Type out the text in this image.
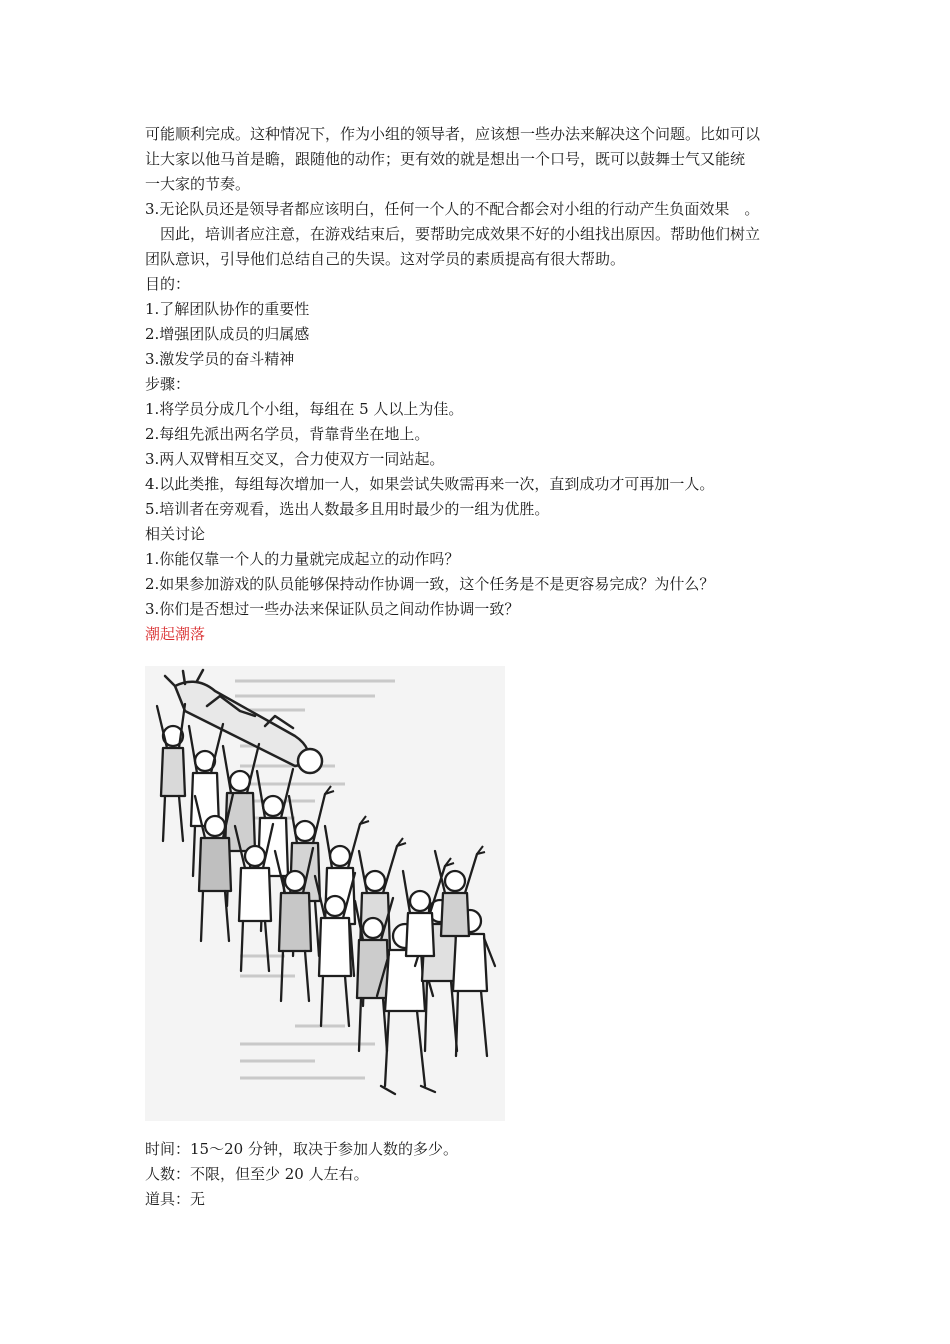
可能顺利完成。这种情况下，作为小组的领导者，应该想一些办法来解决这个问题。比如可以
让大家以他马首是瞻，跟随他的动作；更有效的就是想出一个口号，既可以鼓舞士气又能统
一大家的节奏。
3.无论队员还是领导者都应该明白，任何一个人的不配合都会对小组的行动产生负面效果　。
因此，培训者应注意，在游戏结束后，要帮助完成效果不好的小组找出原因。帮助他们树立
团队意识，引导他们总结自己的失误。这对学员的素质提高有很大帮助。
目的：
1.了解团队协作的重要性
2.增强团队成员的归属感
3.激发学员的奋斗精神
步骤：
1.将学员分成几个小组，每组在 5 人以上为佳。
2.每组先派出两名学员，背靠背坐在地上。
3.两人双臂相互交叉，合力使双方一同站起。
4.以此类推，每组每次增加一人，如果尝试失败需再来一次，直到成功才可再加一人。
5.培训者在旁观看，选出人数最多且用时最少的一组为优胜。
相关讨论
1.你能仅靠一个人的力量就完成起立的动作吗？
2.如果参加游戏的队员能够保持动作协调一致，这个任务是不是更容易完成？为什么？
3.你们是否想过一些办法来保证队员之间动作协调一致？
潮起潮落
时间：15～20 分钟，取决于参加人数的多少。
人数：不限，但至少 20 人左右。
道具：无
